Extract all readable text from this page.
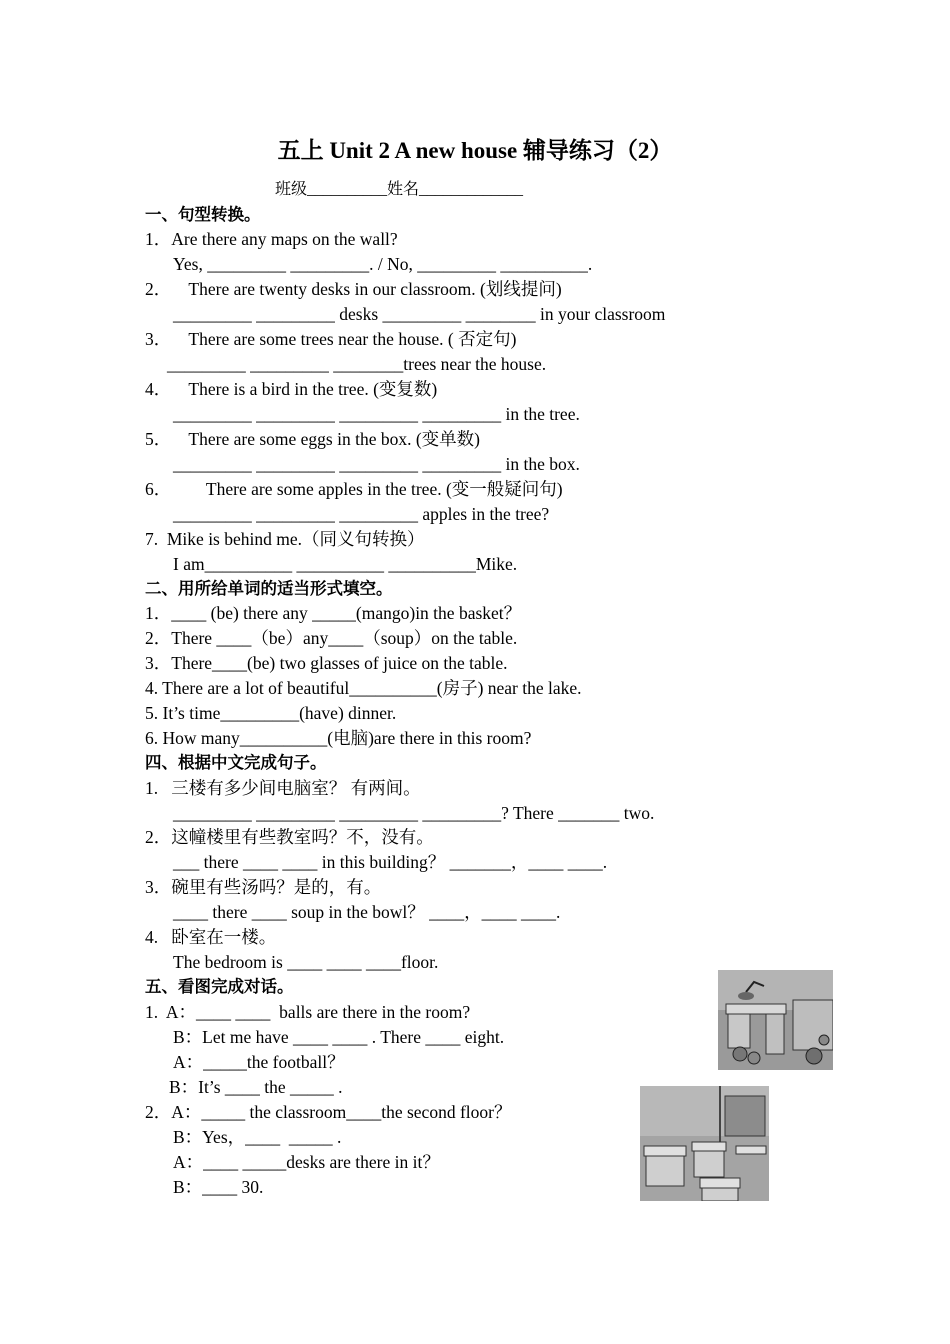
五上 Unit 2 A new house 辅导练习（2）
班级__________姓名_____________
一、句型转换。
1．Are there any maps on the wall?
Yes, _________ _________. / No, _________ __________.
2．    There are twenty desks in our classroom. (划线提问)
_________ _________ desks _________ ________ in your classroom
3．    There are some trees near the house. ( 否定句)
_________ _________ ________trees near the house.
4．    There is a bird in the tree. (变复数)
_________ _________ _________ _________ in the tree.
5．    There are some eggs in the box. (变单数)
_________ _________ _________ _________ in the box.
6．        There are some apples in the tree. (变一般疑问句)
_________ _________ _________ apples in the tree?
7.  Mike is behind me.（同义句转换）
I am__________ __________ __________Mike.
二、用所给单词的适当形式填空。
1．____ (be) there any _____(mango)in the basket？
2．There ____（be）any____（soup）on the table.
3．There____(be) two glasses of juice on the table.
4. There are a lot of beautiful__________(房子) near the lake.
5. It’s time_________(have) dinner.
6. How many__________(电脑)are there in this room?
四、根据中文完成句子。
1.   三楼有多少间电脑室？ 有两间。
_________ _________ _________ _________? There _______ two.
2．这幢楼里有些教室吗？不，没有。
___ there ____ ____ in this building？ _______，____ ____.
3．碗里有些汤吗？是的，有。
____ there ____ soup in the bowl？ ____，____ ____.
4.   卧室在一楼。
The bedroom is ____ ____ ____floor.
五、看图完成对话。
1.  A：____ ____  balls are there in the room?
B：Let me have ____ ____ . There ____ eight.
A：_____the football？
B：It’s ____ the _____ .
2．A：_____ the classroom____the second floor？
B：Yes，____  _____ .
A：____ _____desks are there in it？
B：____ 30.
